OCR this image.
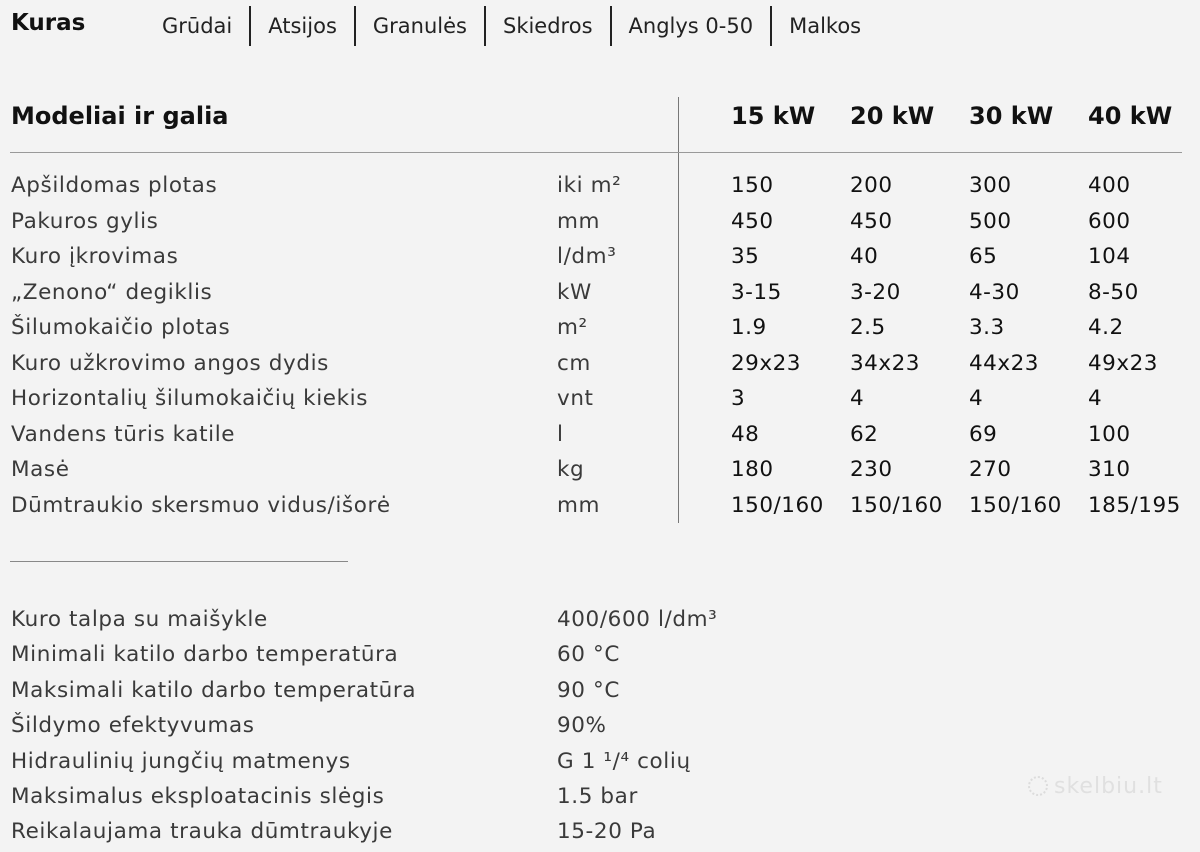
Kuras	Grūdai	Atsijos	Granulės	Skiedros	Anglys 0-50	Malkos
Modeliai ir galia	15 kW 20 kW 30 kW 40 kW
Apšildomas plotas	iki m²	150	200	300	400
Pakuros gylis	mm	450	450	500	600
Kuro įkrovimas	l/dm³	35	40	65	104
„Zenono“ degiklis	kW	3-15	3-20	4-30	8-50
Šilumokaičio plotas	m²	1.9	2.5	3.3	4.2
Kuro užkrovimo angos dydis	cm	29x23 34x23 44x23 49x23
Horizontalių šilumokaičių kiekis	vnt	3	4	4	4
Vandens tūris katile	l	48	62	69	100
Masė	kg	180	230	270	310
Dūmtraukio skersmuo vidus/išorė	mm	150/160 150/160 150/160 185/195
Kuro talpa su maišykle	400/600 l/dm³
Minimali katilo darbo temperatūra	60 °C
Maksimali katilo darbo temperatūra	90 °C
Šildymo efektyvumas	90%
Hidraulinių jungčių matmenys	G 1 ¹/⁴ colių
Maksimalus eksploatacinis slėgis	1.5 bar
Reikalaujama trauka dūmtraukyje	15-20 Pa
skelbiu.lt
